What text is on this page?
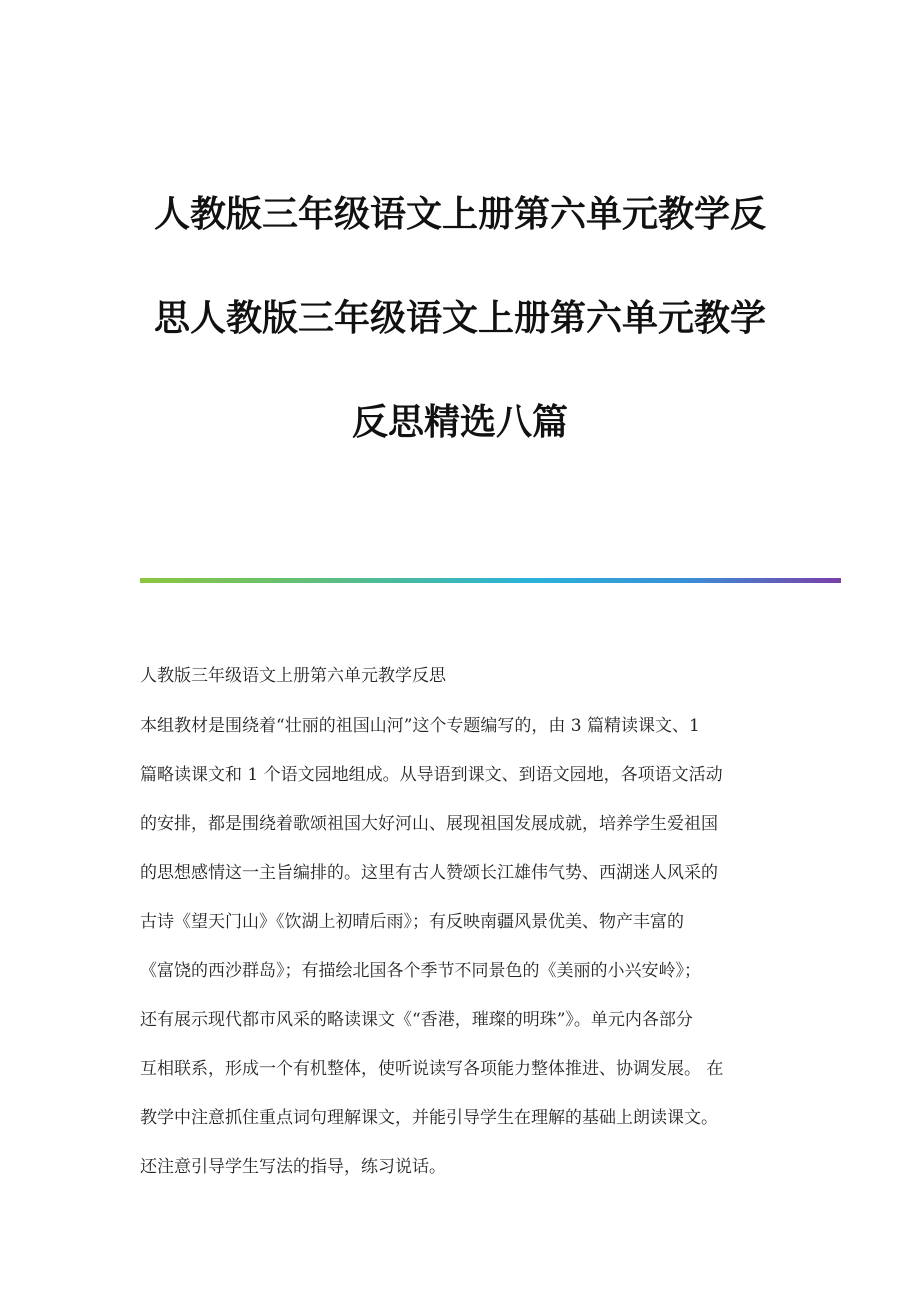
人教版三年级语文上册第六单元教学反
思人教版三年级语文上册第六单元教学
反思精选八篇
人教版三年级语文上册第六单元教学反思
本组教材是围绕着“壮丽的祖国山河”这个专题编写的，由 3 篇精读课文、1
篇略读课文和 1 个语文园地组成。从导语到课文、到语文园地，各项语文活动
的安排，都是围绕着歌颂祖国大好河山、展现祖国发展成就，培养学生爱祖国
的思想感情这一主旨编排的。这里有古人赞颂长江雄伟气势、西湖迷人风采的
古诗《望天门山》《饮湖上初晴后雨》；有反映南疆风景优美、物产丰富的
《富饶的西沙群岛》；有描绘北国各个季节不同景色的《美丽的小兴安岭》；
还有展示现代都市风采的略读课文《“香港，璀璨的明珠”》。单元内各部分
互相联系，形成一个有机整体，使听说读写各项能力整体推进、协调发展。 在
教学中注意抓住重点词句理解课文，并能引导学生在理解的基础上朗读课文。
还注意引导学生写法的指导，练习说话。
